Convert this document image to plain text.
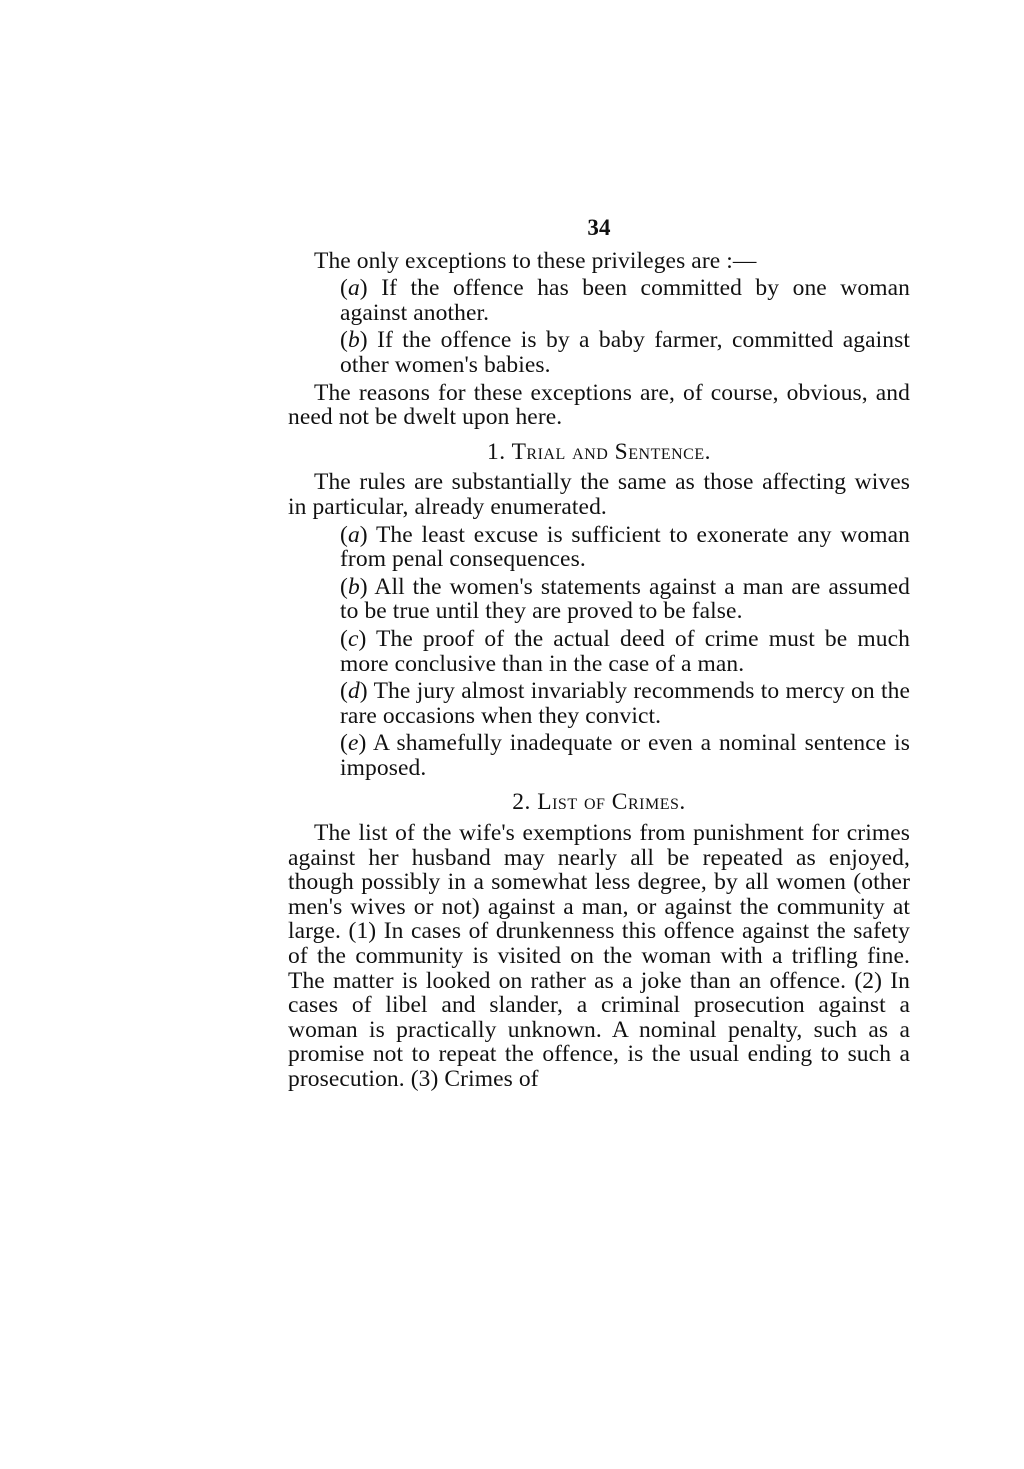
34

The only exceptions to these privileges are :—

(a) If the offence has been committed by one woman against another.

(b) If the offence is by a baby farmer, committed against other women's babies.

The reasons for these exceptions are, of course, obvious, and need not be dwelt upon here.

1. Trial and Sentence.

The rules are substantially the same as those affecting wives in particular, already enumerated.

(a) The least excuse is sufficient to exonerate any woman from penal consequences.

(b) All the women's statements against a man are assumed to be true until they are proved to be false.

(c) The proof of the actual deed of crime must be much more conclusive than in the case of a man.

(d) The jury almost invariably recommends to mercy on the rare occasions when they convict.

(e) A shamefully inadequate or even a nominal sentence is imposed.

2. List of Crimes.

The list of the wife's exemptions from punishment for crimes against her husband may nearly all be repeated as enjoyed, though possibly in a somewhat less degree, by all women (other men's wives or not) against a man, or against the community at large. (1) In cases of drunkenness this offence against the safety of the community is visited on the woman with a trifling fine. The matter is looked on rather as a joke than an offence. (2) In cases of libel and slander, a criminal prosecution against a woman is practically unknown. A nominal penalty, such as a promise not to repeat the offence, is the usual ending to such a prosecution. (3) Crimes of
